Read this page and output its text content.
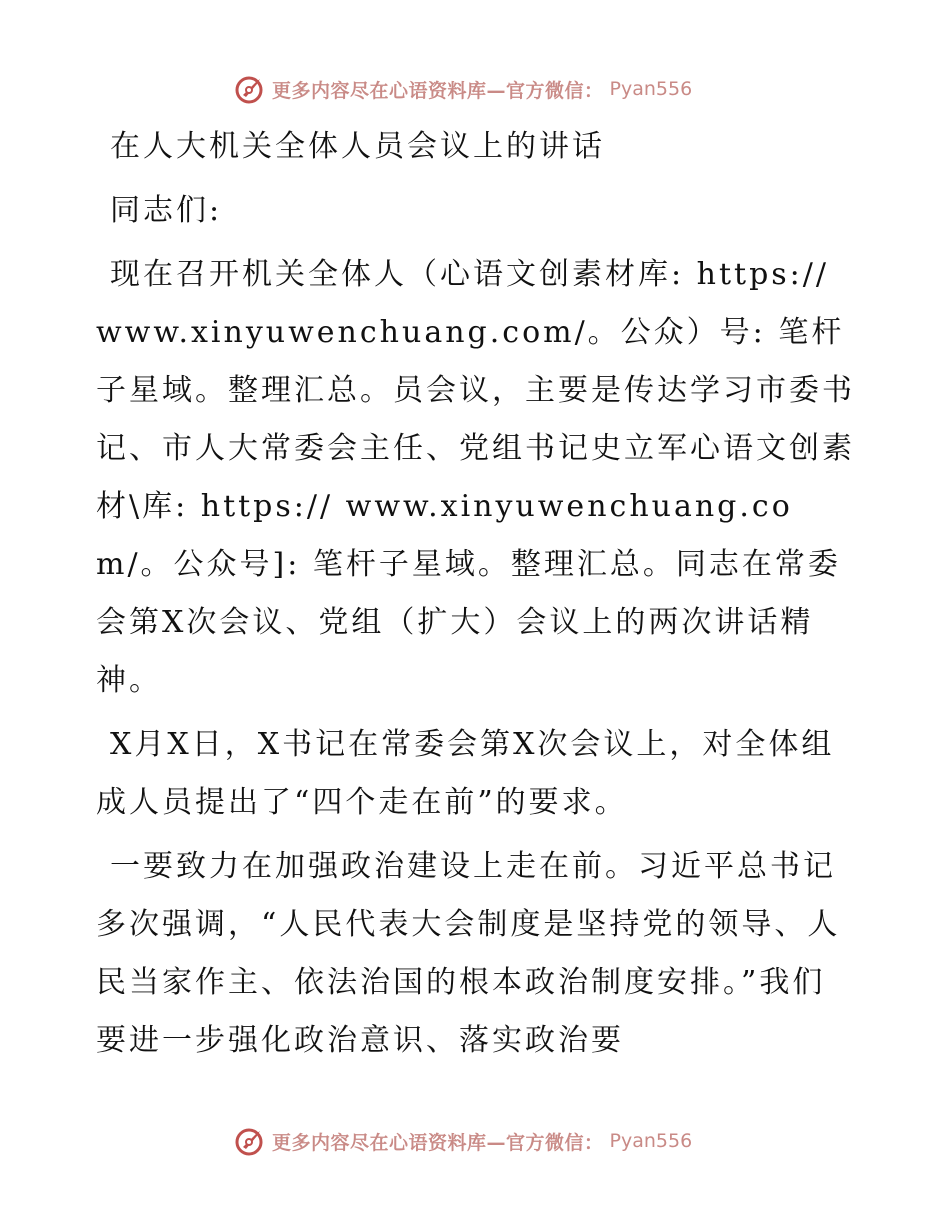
更多内容尽在心语资料库—官方微信： Pyan556

在人大机关全体人员会议上的讲话

同志们:

现在召开机关全体人（心语文创素材库: https://www.xinyuwenchuang.com/。公众）号: 笔杆子星域。整理汇总。员会议，主要是传达学习市委书记、市人大常委会主任、党组书记史立军心语文创素材\库: https:// www.xinyuwenchuang.com/。公众号]: 笔杆子星域。整理汇总。同志在常委会第X次会议、党组（扩大）会议上的两次讲话精神。

X月X日，X书记在常委会第X次会议上，对全体组成人员提出了“四个走在前”的要求。

一要致力在加强政治建设上走在前。习近平总书记多次强调，“人民代表大会制度是坚持党的领导、人民当家作主、依法治国的根本政治制度安排。”我们要进一步强化政治意识、落实政治要

更多内容尽在心语资料库—官方微信： Pyan556
